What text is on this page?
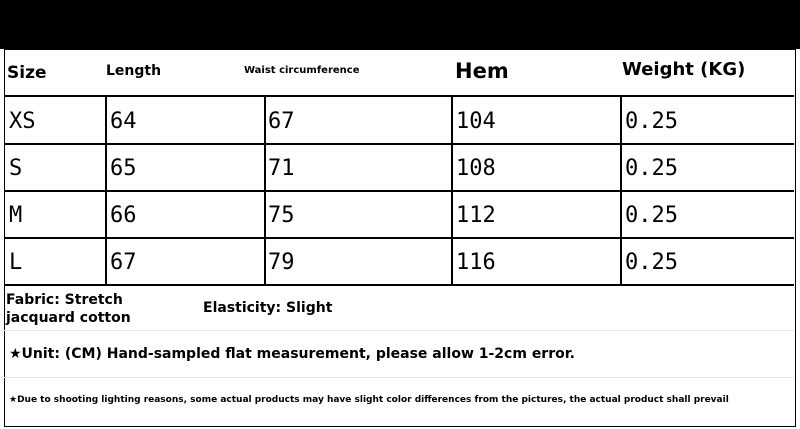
Size	Length	Waist circumference	Hem	Weight (KG)
XS	64	67	104	0.25
S	65	71	108	0.25
M	66	75	112	0.25
L	67	79	116	0.25
Fabric: Stretch
jacquard cotton
Elasticity: Slight
★Unit: (CM) Hand-sampled flat measurement, please allow 1-2cm error.
★Due to shooting lighting reasons, some actual products may have slight color differences from the pictures, the actual product shall prevail
